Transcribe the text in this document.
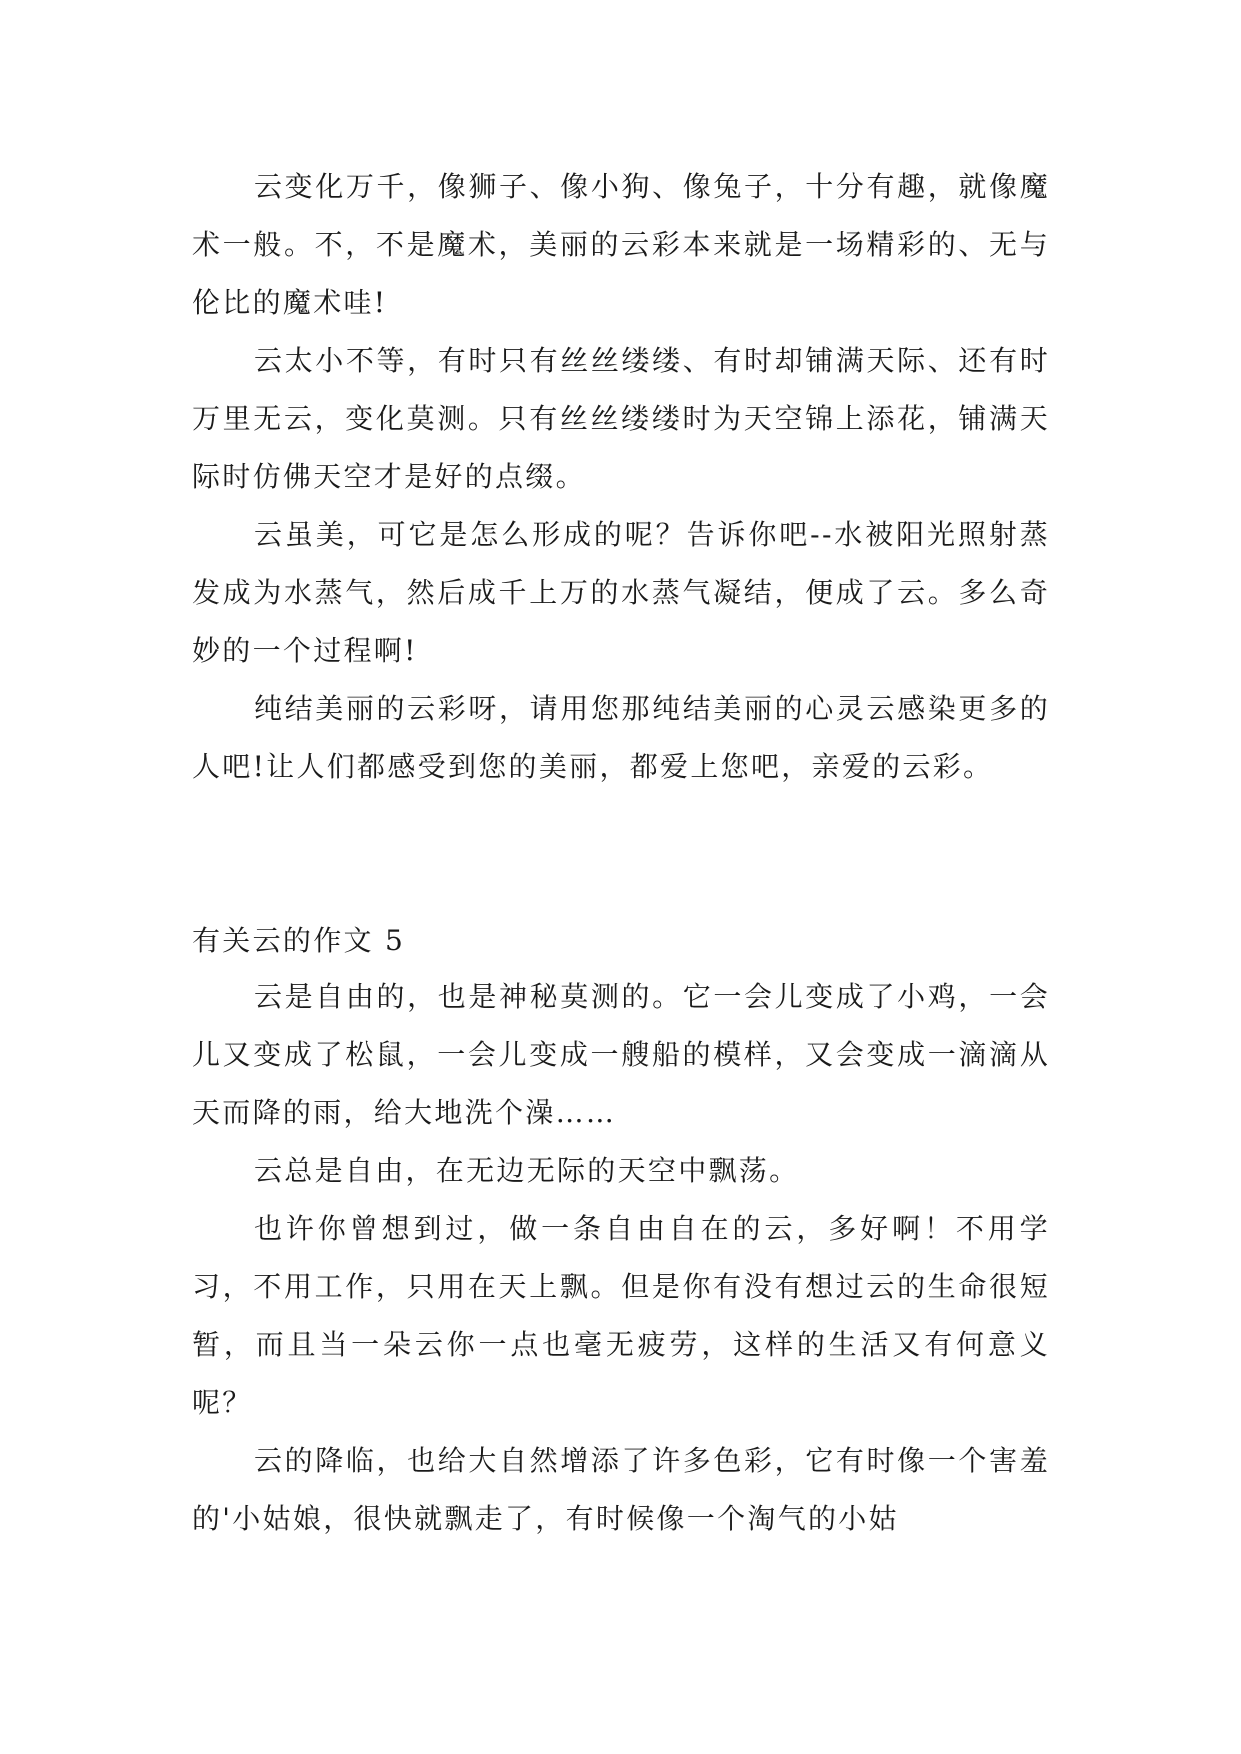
云变化万千，像狮子、像小狗、像兔子，十分有趣，就像魔术一般。不，不是魔术，美丽的云彩本来就是一场精彩的、无与伦比的魔术哇!

云太小不等，有时只有丝丝缕缕、有时却铺满天际、还有时万里无云，变化莫测。只有丝丝缕缕时为天空锦上添花，铺满天际时仿佛天空才是好的点缀。

云虽美，可它是怎么形成的呢？告诉你吧--水被阳光照射蒸发成为水蒸气，然后成千上万的水蒸气凝结，便成了云。多么奇妙的一个过程啊!

纯结美丽的云彩呀，请用您那纯结美丽的心灵云感染更多的人吧!让人们都感受到您的美丽，都爱上您吧，亲爱的云彩。

有关云的作文 5

云是自由的，也是神秘莫测的。它一会儿变成了小鸡，一会儿又变成了松鼠，一会儿变成一艘船的模样，又会变成一滴滴从天而降的雨，给大地洗个澡……

云总是自由，在无边无际的天空中飘荡。

也许你曾想到过，做一条自由自在的云，多好啊！不用学习，不用工作，只用在天上飘。但是你有没有想过云的生命很短暂，而且当一朵云你一点也毫无疲劳，这样的生活又有何意义呢？

云的降临，也给大自然增添了许多色彩，它有时像一个害羞的'小姑娘，很快就飘走了，有时候像一个淘气的小姑
